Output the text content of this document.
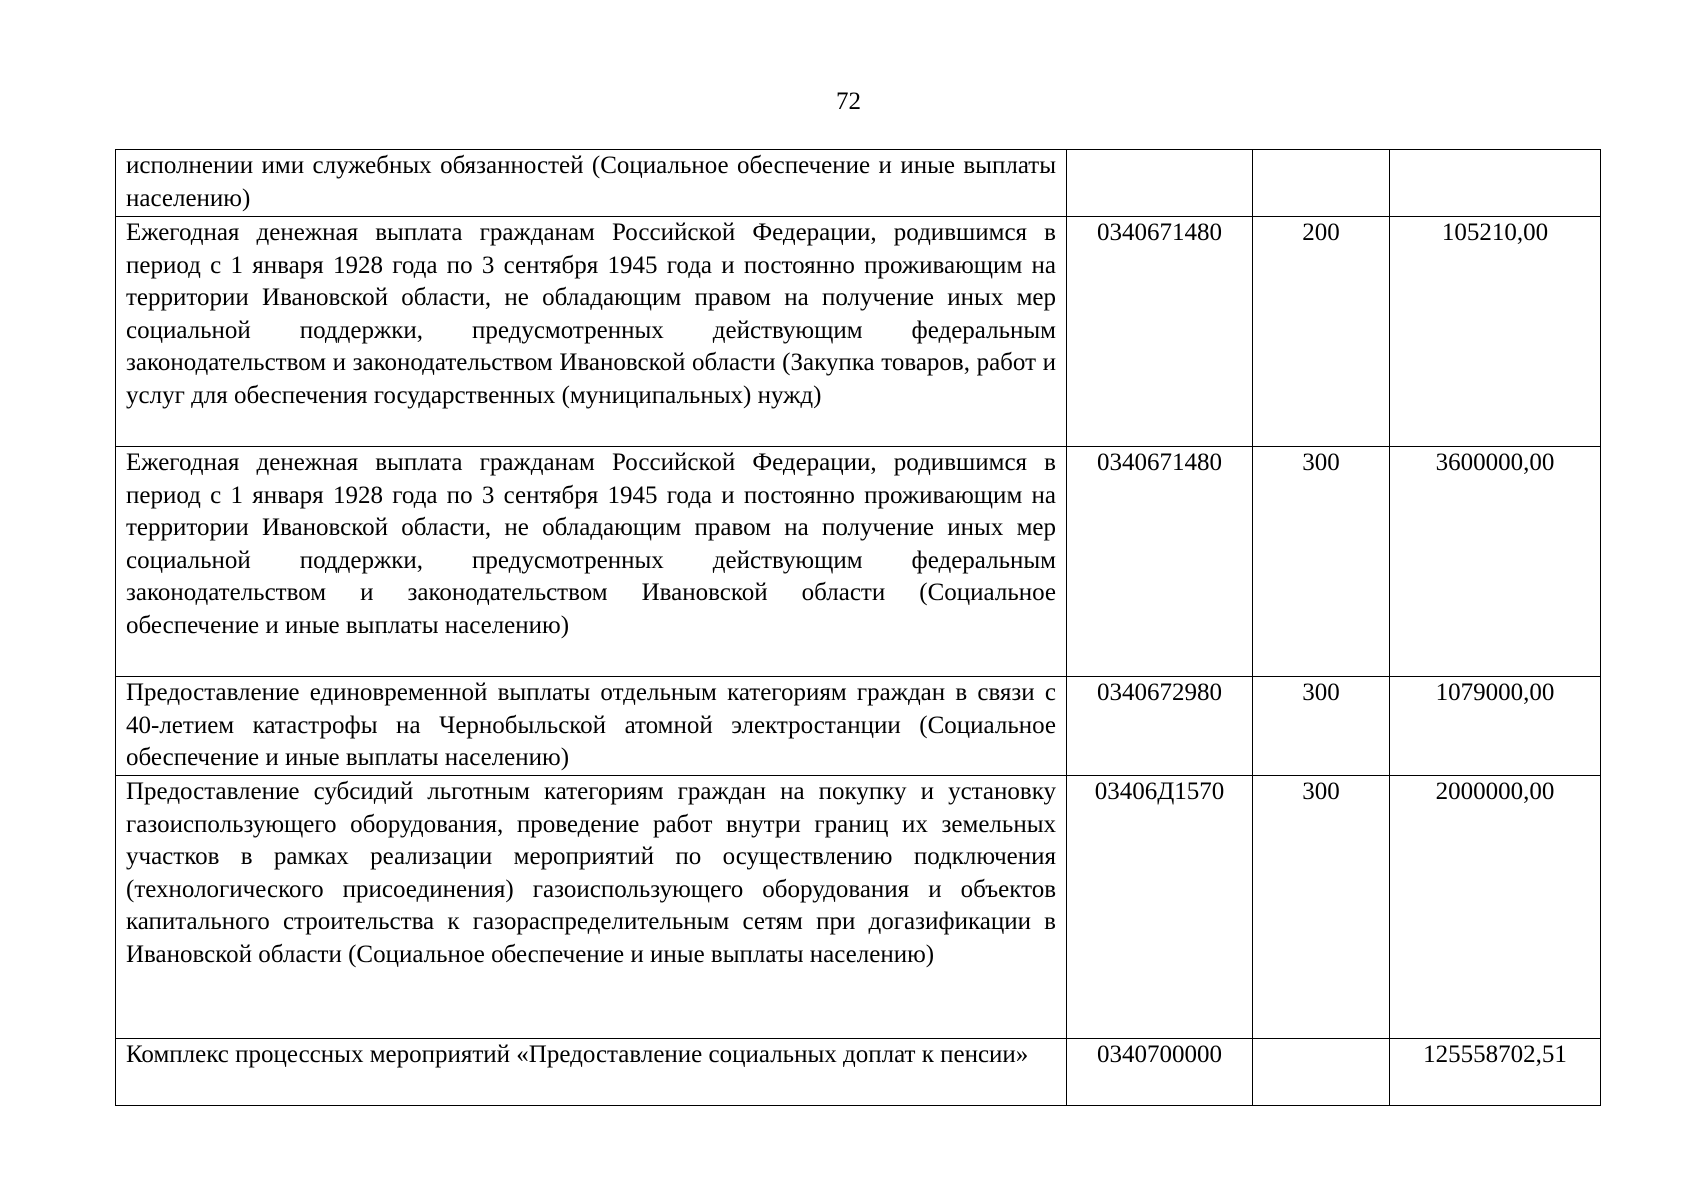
72
исполнении ими служебных обязанностей (Социальное обеспечение и иные выплаты населению)			
Ежегодная денежная выплата гражданам Российской Федерации, родившимся в период с 1 января 1928 года по 3 сентября 1945 года и постоянно проживающим на территории Ивановской области, не обладающим правом на получение иных мер социальной поддержки, предусмотренных действующим федеральным законодательством и законодательством Ивановской области (Закупка товаров, работ и услуг для обеспечения государственных (муниципальных) нужд)	0340671480	200	105210,00
Ежегодная денежная выплата гражданам Российской Федерации, родившимся в период с 1 января 1928 года по 3 сентября 1945 года и постоянно проживающим на территории Ивановской области, не обладающим правом на получение иных мер социальной поддержки, предусмотренных действующим федеральным законодательством и законодательством Ивановской области (Социальное обеспечение и иные выплаты населению)	0340671480	300	3600000,00
Предоставление единовременной выплаты отдельным категориям граждан в связи с 40-летием катастрофы на Чернобыльской атомной электростанции (Социальное обеспечение и иные выплаты населению)	0340672980	300	1079000,00
Предоставление субсидий льготным категориям граждан на покупку и установку газоиспользующего оборудования, проведение работ внутри границ их земельных участков в рамках реализации мероприятий по осуществлению подключения (технологического присоединения) газоиспользующего оборудования и объектов капитального строительства к газораспределительным сетям при догазификации в Ивановской области (Социальное обеспечение и иные выплаты населению)	03406Д1570	300	2000000,00
Комплекс процессных мероприятий «Предоставление социальных доплат к пенсии»	0340700000		125558702,51
